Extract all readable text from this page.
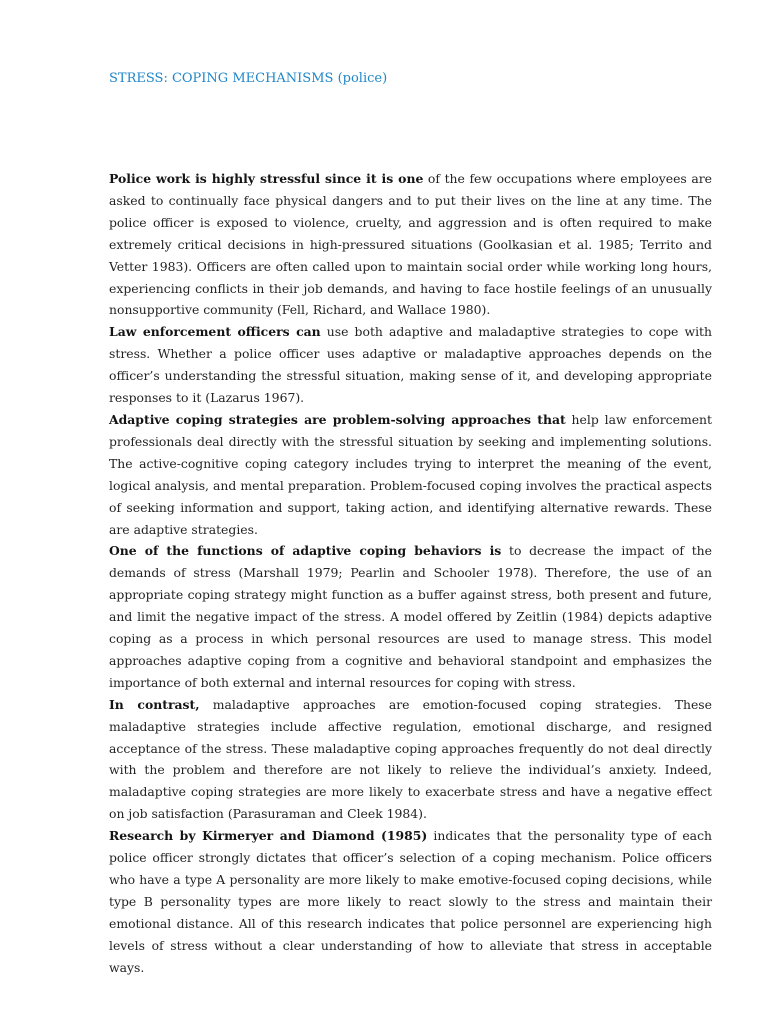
STRESS: COPING MECHANISMS (police)

Police work is highly stressful since it is one of the few occupations where employees are asked to continually face physical dangers and to put their lives on the line at any time. The police officer is exposed to violence, cruelty, and aggression and is often required to make extremely critical decisions in high-pressured situations (Goolkasian et al. 1985; Territo and Vetter 1983). Officers are often called upon to maintain social order while working long hours, experiencing conflicts in their job demands, and having to face hostile feelings of an unusually nonsupportive community (Fell, Richard, and Wallace 1980).

Law enforcement officers can use both adaptive and maladaptive strategies to cope with stress. Whether a police officer uses adaptive or maladaptive approaches depends on the officer’s understanding the stressful situation, making sense of it, and developing appropriate responses to it (Lazarus 1967).

Adaptive coping strategies are problem-solving approaches that help law enforcement professionals deal directly with the stressful situation by seeking and implementing solutions. The active-cognitive coping category includes trying to interpret the meaning of the event, logical analysis, and mental preparation. Problem-focused coping involves the practical aspects of seeking information and support, taking action, and identifying alternative rewards. These are adaptive strategies.

One of the functions of adaptive coping behaviors is to decrease the impact of the demands of stress (Marshall 1979; Pearlin and Schooler 1978). Therefore, the use of an appropriate coping strategy might function as a buffer against stress, both present and future, and limit the negative impact of the stress. A model offered by Zeitlin (1984) depicts adaptive coping as a process in which personal resources are used to manage stress. This model approaches adaptive coping from a cognitive and behavioral standpoint and emphasizes the importance of both external and internal resources for coping with stress.

In contrast, maladaptive approaches are emotion-focused coping strategies. These maladaptive strategies include affective regulation, emotional discharge, and resigned acceptance of the stress. These maladaptive coping approaches frequently do not deal directly with the problem and therefore are not likely to relieve the individual’s anxiety. Indeed, maladaptive coping strategies are more likely to exacerbate stress and have a negative effect on job satisfaction (Parasuraman and Cleek 1984).

Research by Kirmeryer and Diamond (1985) indicates that the personality type of each police officer strongly dictates that officer’s selection of a coping mechanism. Police officers who have a type A personality are more likely to make emotive-focused coping decisions, while type B personality types are more likely to react slowly to the stress and maintain their emotional distance. All of this research indicates that police personnel are experiencing high levels of stress without a clear understanding of how to alleviate that stress in acceptable ways.
